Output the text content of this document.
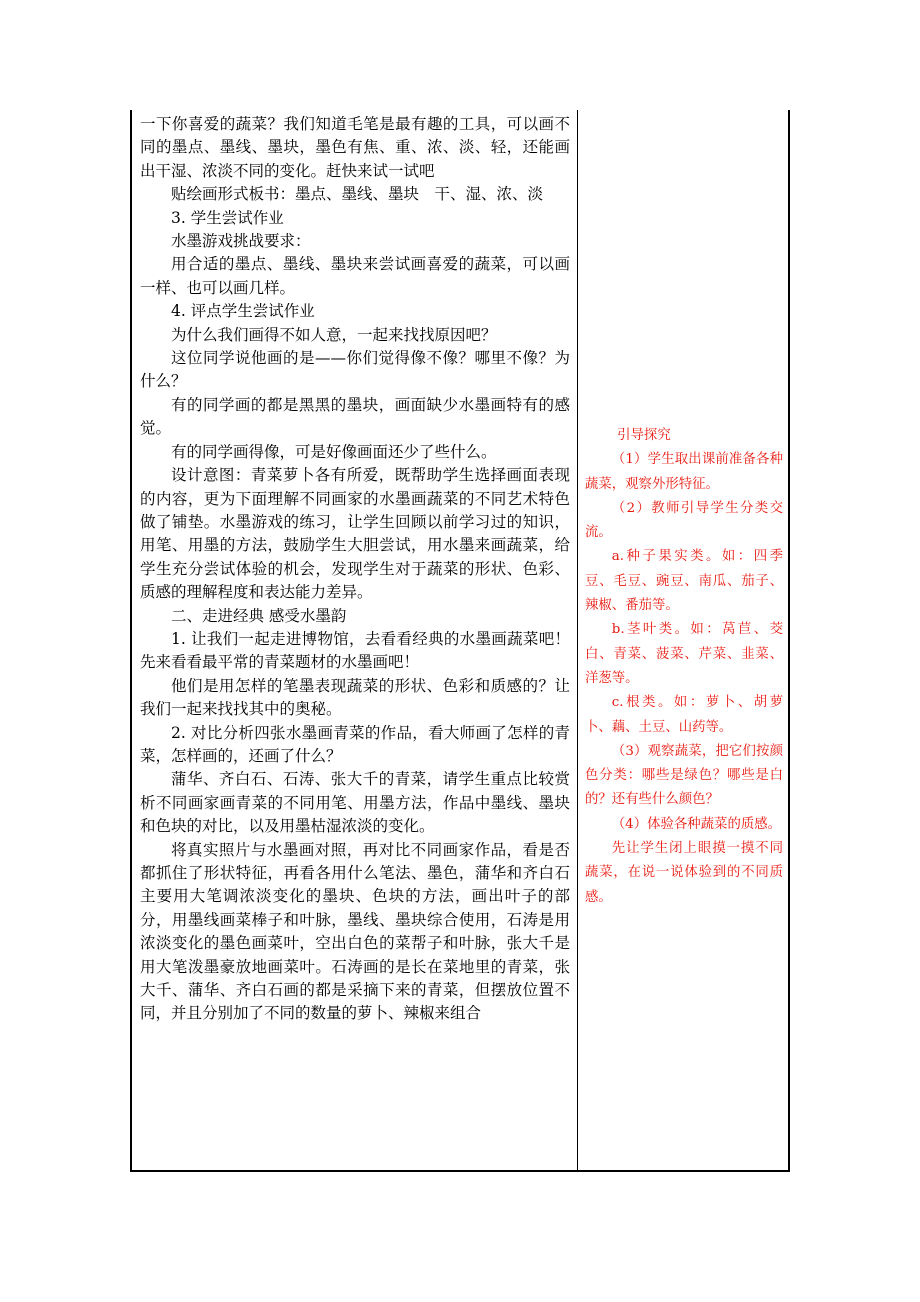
一下你喜爱的蔬菜？我们知道毛笔是最有趣的工具，可以画不同的墨点、墨线、墨块，墨色有焦、重、浓、淡、轻，还能画出干湿、浓淡不同的变化。赶快来试一试吧

贴绘画形式板书：墨点、墨线、墨块　干、湿、浓、淡

3. 学生尝试作业

水墨游戏挑战要求：

用合适的墨点、墨线、墨块来尝试画喜爱的蔬菜，可以画一样、也可以画几样。

4. 评点学生尝试作业

为什么我们画得不如人意，一起来找找原因吧？

这位同学说他画的是——你们觉得像不像？哪里不像？为什么？

有的同学画的都是黑黑的墨块，画面缺少水墨画特有的感觉。

有的同学画得像，可是好像画面还少了些什么。

设计意图：青菜萝卜各有所爱，既帮助学生选择画面表现的内容，更为下面理解不同画家的水墨画蔬菜的不同艺术特色做了铺垫。水墨游戏的练习，让学生回顾以前学习过的知识，用笔、用墨的方法，鼓励学生大胆尝试，用水墨来画蔬菜，给学生充分尝试体验的机会，发现学生对于蔬菜的形状、色彩、质感的理解程度和表达能力差异。

二、走进经典 感受水墨韵

1. 让我们一起走进博物馆，去看看经典的水墨画蔬菜吧！先来看看最平常的青菜题材的水墨画吧！

他们是用怎样的笔墨表现蔬菜的形状、色彩和质感的？让我们一起来找找其中的奥秘。

2. 对比分析四张水墨画青菜的作品，看大师画了怎样的青菜，怎样画的，还画了什么？

蒲华、齐白石、石涛、张大千的青菜，请学生重点比较赏析不同画家画青菜的不同用笔、用墨方法，作品中墨线、墨块和色块的对比，以及用墨枯湿浓淡的变化。

将真实照片与水墨画对照，再对比不同画家作品，看是否都抓住了形状特征，再看各用什么笔法、墨色，蒲华和齐白石主要用大笔调浓淡变化的墨块、色块的方法，画出叶子的部分，用墨线画菜棒子和叶脉，墨线、墨块综合使用，石涛是用浓淡变化的墨色画菜叶，空出白色的菜帮子和叶脉，张大千是用大笔泼墨豪放地画菜叶。石涛画的是长在菜地里的青菜，张大千、蒲华、齐白石画的都是采摘下来的青菜，但摆放位置不同，并且分别加了不同的数量的萝卜、辣椒来组合

引导探究

（1）学生取出课前准备各种蔬菜，观察外形特征。

（2）教师引导学生分类交流。

a.种子果实类。如：四季豆、毛豆、豌豆、南瓜、茄子、辣椒、番茄等。

b.茎叶类。如：莴苣、茭白、青菜、菠菜、芹菜、韭菜、洋葱等。

c.根类。如：萝卜、胡萝卜、藕、土豆、山药等。

（3）观察蔬菜，把它们按颜色分类：哪些是绿色？哪些是白的？还有些什么颜色？

（4）体验各种蔬菜的质感。

先让学生闭上眼摸一摸不同蔬菜，在说一说体验到的不同质感。
